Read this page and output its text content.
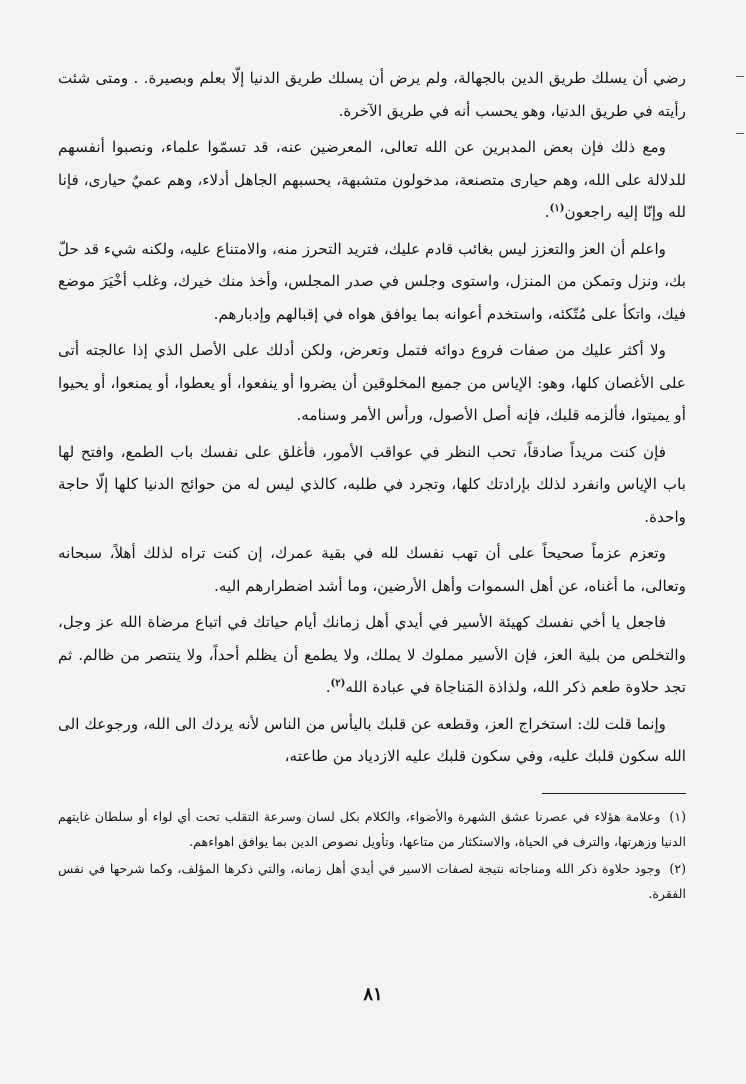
رضي أن يسلك طريق الدين بالجهالة، ولم يرض أن يسلك طريق الدنيا إلّا بعلم وبصيرة. . ومتى شئت رأيته في طريق الدنيا، وهو يحسب أنه في طريق الآخرة.

ومع ذلك فإن بعض المدبرين عن الله تعالى، المعرضين عنه، قد تسمّوا علماء، ونصبوا أنفسهم للدلالة على الله، وهم حيارى متصنعة، مدخولون متشبهة، يحسبهم الجاهل أدلاء، وهم عميٌ حيارى، فإنا لله وإنّا إليه راجعون$^{(١)}$.

واعلم أن العز والتعزز ليس بغائب قادم عليك، فتريد التحرز منه، والامتناع عليه، ولكنه شيء قد حلّ بك، ونزل وتمكن من المنزل، واستوى وجلس في صدر المجلس، وأخذ منك خيرك، وغلب أخْيَرَ موضع فيك، واتكأ على مُتّكئه، واستخدم أعوانه بما يوافق هواه في إقبالهم وإدبارهم.

ولا أكثر عليك من صفات فروع دوائه فتمل وتعرض، ولكن أدلك على الأصل الذي إذا عالجته أتى على الأغصان كلها، وهو: الإياس من جميع المخلوقين أن يضروا أو ينفعوا، أو يعطوا، أو يمنعوا، أو يحيوا أو يميتوا، فألزمه قلبك، فإنه أصل الأصول، ورأس الأمر وسنامه.

فإن كنت مريداً صادقاً، تحب النظر في عواقب الأمور، فأغلق على نفسك باب الطمع، وافتح لها باب الإياس وانفرد لذلك بإرادتك كلها، وتجرد في طلبه، كالذي ليس له من حوائج الدنيا كلها إلّا حاجة واحدة.

وتعزم عزماً صحيحاً على أن تهب نفسك لله في بقية عمرك، إن كنت تراه لذلك أهلاً، سبحانه وتعالى، ما أغناه، عن أهل السموات وأهل الأرضين، وما أشد اضطرارهم اليه.

فاجعل يا أخي نفسك كهيئة الأسير في أيدي أهل زمانك أيام حياتك في اتباع مرضاة الله عز وجل، والتخلص من بلية العز، فإن الأسير مملوك لا يملك، ولا يطمع أن يظلم أحداً، ولا ينتصر من ظالم. ثم تجد حلاوة طعم ذكر الله، ولذاذة المَناجاة في عبادة الله$^{(٢)}$.

وإنما قلت لك: استخراج العز، وقطعه عن قلبك باليأس من الناس لأنه يردك الى الله، ورجوعك الى الله سكون قلبك عليه، وفي سكون قلبك عليه الازدياد من طاعته،

(١) وعلامة هؤلاء في عصرنا عشق الشهرة والأضواء، والكلام بكل لسان وسرعة التقلب تحت أي لواء أو سلطان غايتهم الدنيا وزهرتها، والترف في الحياة، والاستكثار من متاعها، وتأويل نصوص الدين بما يوافق اهواءهم.

(٢) وجود حلاوة ذكر الله ومناجاته نتيجة لصفات الاسير في أيدي أهل زمانه، والتي ذكرها المؤلف، وكما شرحها في نفس الفقرة.

٨١
